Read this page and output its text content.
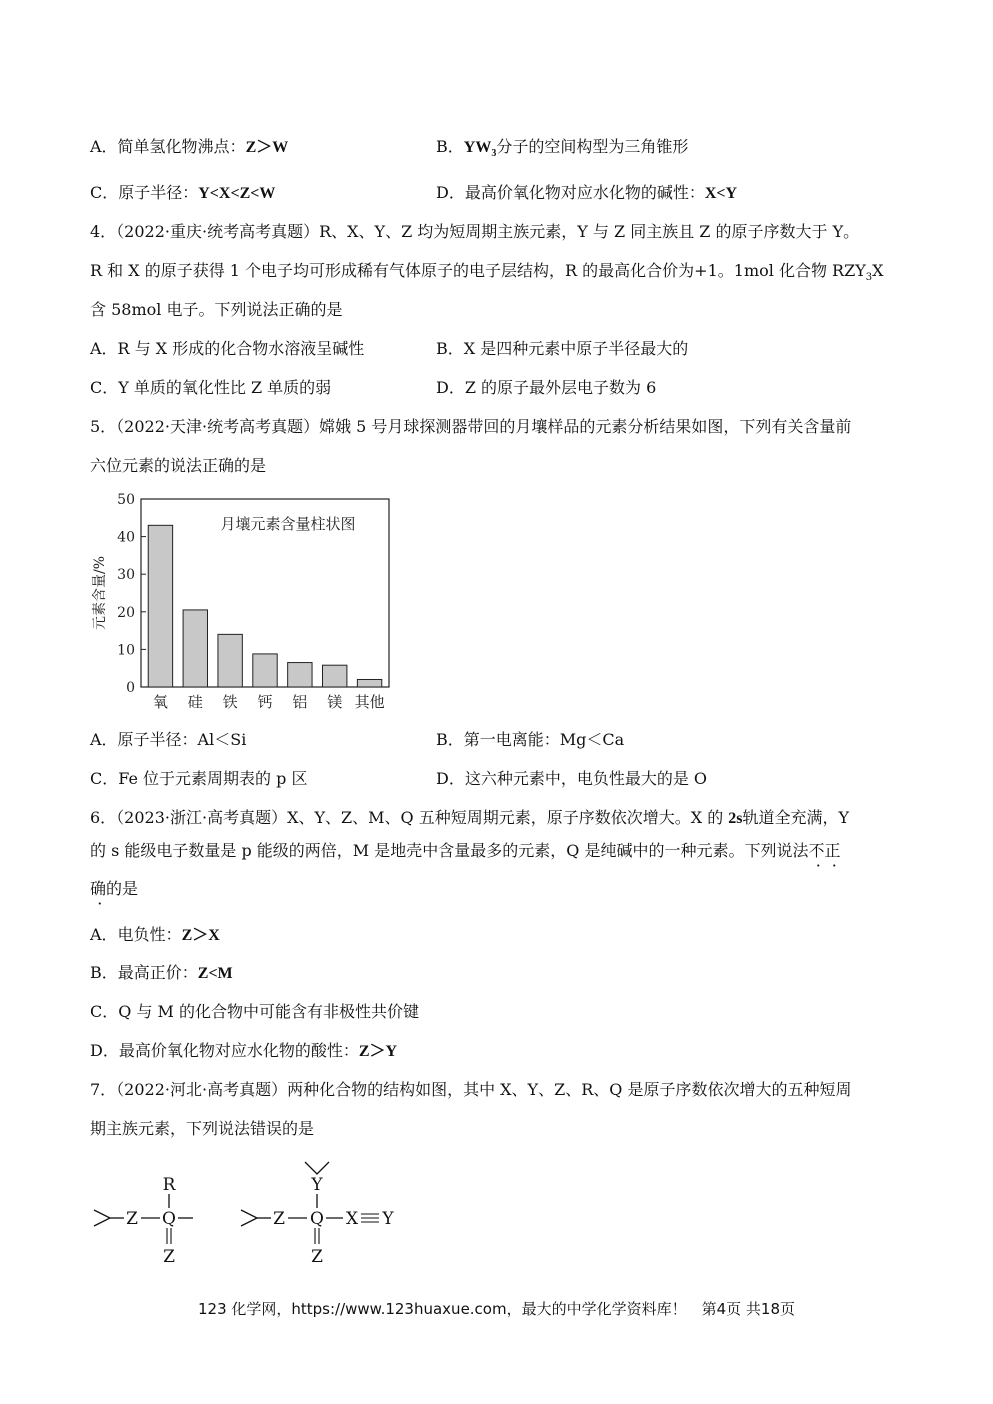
A．简单氢化物沸点：Z＞W	B．$YW_3$分子的空间构型为三角锥形
C．原子半径：Y<X<Z<W	D．最高价氧化物对应水化物的碱性：X<Y
4．（2022·重庆·统考高考真题）R、X、Y、Z 均为短周期主族元素，Y 与 Z 同主族且 Z 的原子序数大于 Y。
R 和 X 的原子获得 1 个电子均可形成稀有气体原子的电子层结构，R 的最高化合价为+1。1mol 化合物 $RZY_3X$
含 58mol 电子。下列说法正确的是
A．R 与 X 形成的化合物水溶液呈碱性	B．X 是四种元素中原子半径最大的
C．Y 单质的氧化性比 Z 单质的弱	D．Z 的原子最外层电子数为 6
5．（2022·天津·统考高考真题）嫦娥 5 号月球探测器带回的月壤样品的元素分析结果如图，下列有关含量前
六位元素的说法正确的是
0
10
20
30
40
50
氧 硅 铁 钙 铝 镁 其他
月壤元素含量柱状图
元素含量/%
A．原子半径：Al＜Si	B．第一电离能：Mg＜Ca
C．Fe 位于元素周期表的 p 区	D．这六种元素中，电负性最大的是 O
6．（2023·浙江·高考真题）X、Y、Z、M、Q 五种短周期元素，原子序数依次增大。X 的 2s轨道全充满，Y
的 s 能级电子数量是 p 能级的两倍，M 是地壳中含量最多的元素，Q 是纯碱中的一种元素。下列说法不正
确的是
A．电负性：Z＞X
B．最高正价：Z<M
C．Q 与 M 的化合物中可能含有非极性共价键
D．最高价氧化物对应水化物的酸性：Z＞Y
7．（2022·河北·高考真题）两种化合物的结构如图，其中 X、Y、Z、R、Q 是原子序数依次增大的五种短周
期主族元素，下列说法错误的是
Z Q
R
Z
Z Q X Y
Y
Z
123 化学网，https://www.123huaxue.com，最大的中学化学资料库！　第4页 共18页
